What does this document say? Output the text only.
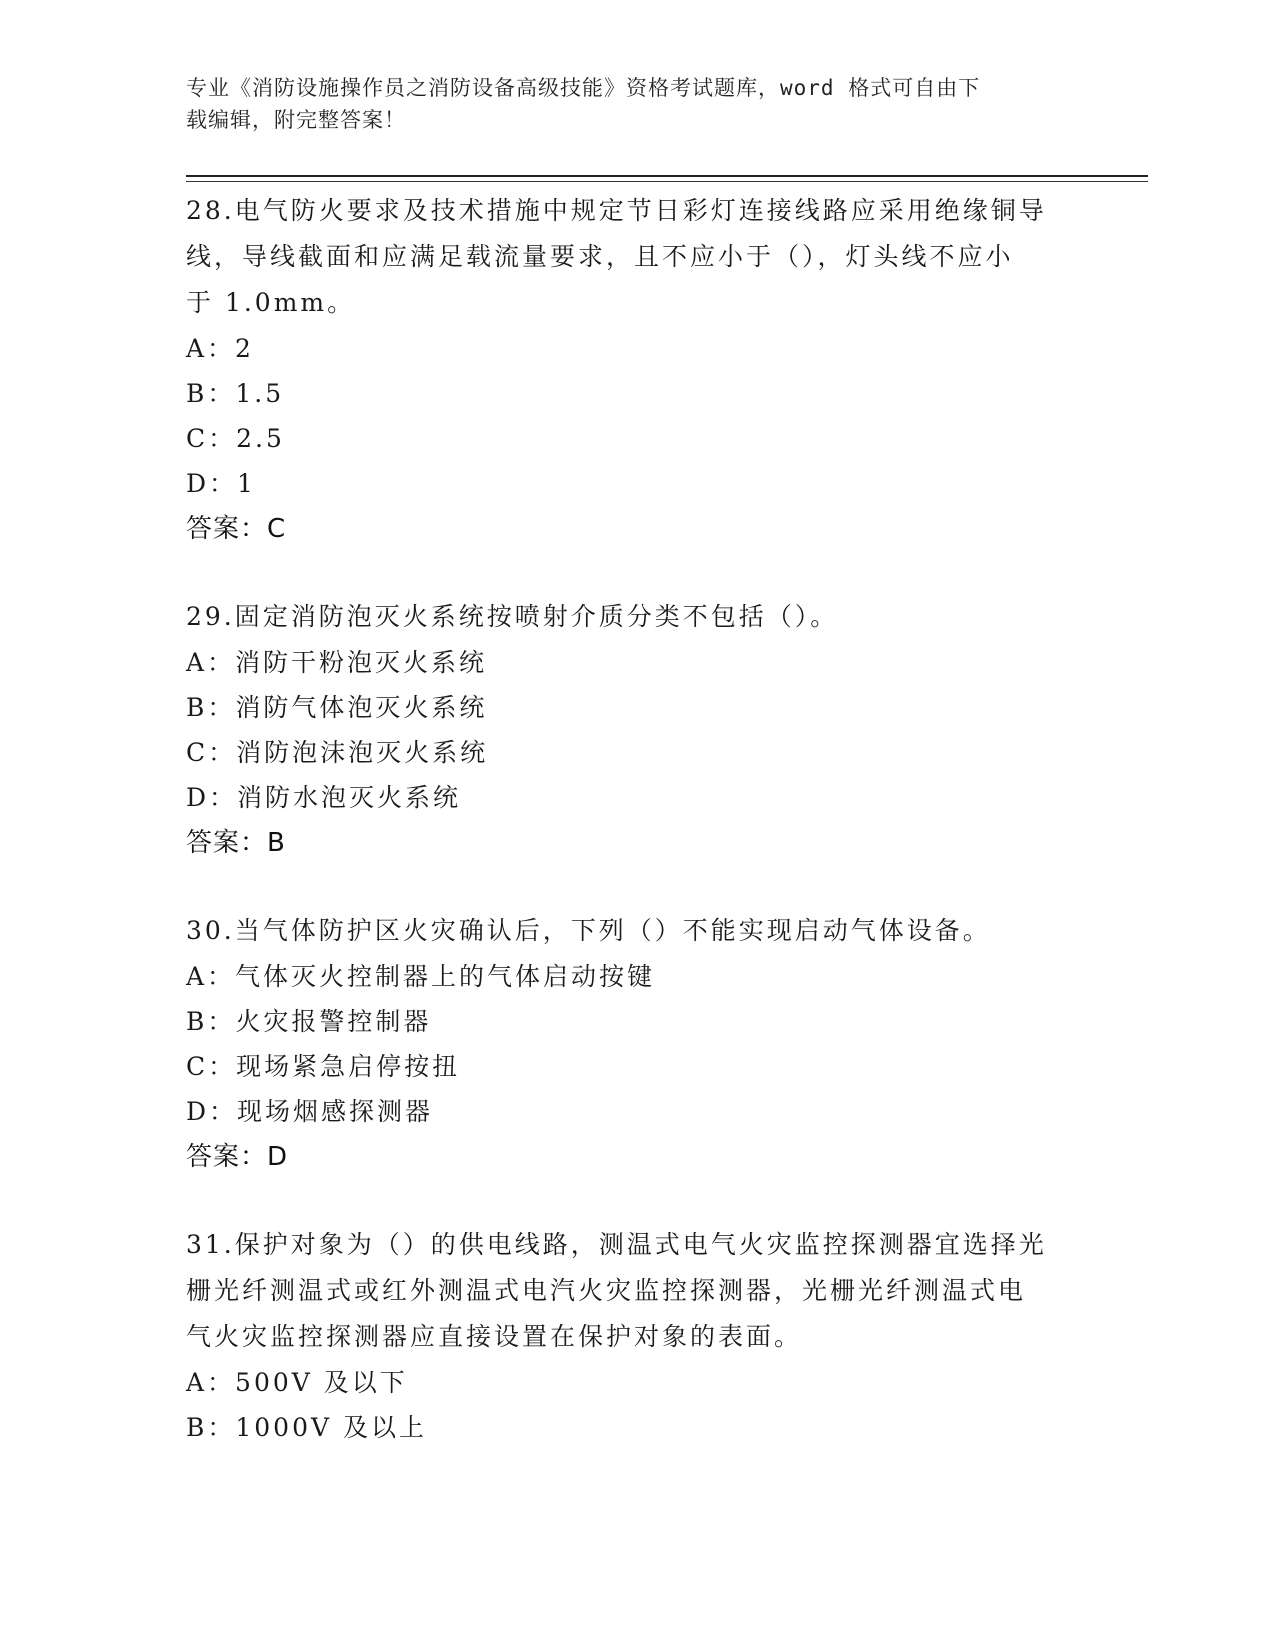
专业《消防设施操作员之消防设备高级技能》资格考试题库，word 格式可自由下
载编辑，附完整答案！

28.电气防火要求及技术措施中规定节日彩灯连接线路应采用绝缘铜导

线，导线截面和应满足载流量要求，且不应小于（），灯头线不应小

于 1.0mm。

A：2

B：1.5

C：2.5

D：1

答案：C

29.固定消防泡灭火系统按喷射介质分类不包括（）。

A：消防干粉泡灭火系统

B：消防气体泡灭火系统

C：消防泡沫泡灭火系统

D：消防水泡灭火系统

答案：B

30.当气体防护区火灾确认后，下列（）不能实现启动气体设备。

A：气体灭火控制器上的气体启动按键

B：火灾报警控制器

C：现场紧急启停按扭

D：现场烟感探测器

答案：D

31.保护对象为（）的供电线路，测温式电气火灾监控探测器宜选择光

栅光纤测温式或红外测温式电汽火灾监控探测器，光栅光纤测温式电

气火灾监控探测器应直接设置在保护对象的表面。

A：500V 及以下

B：1000V 及以上
